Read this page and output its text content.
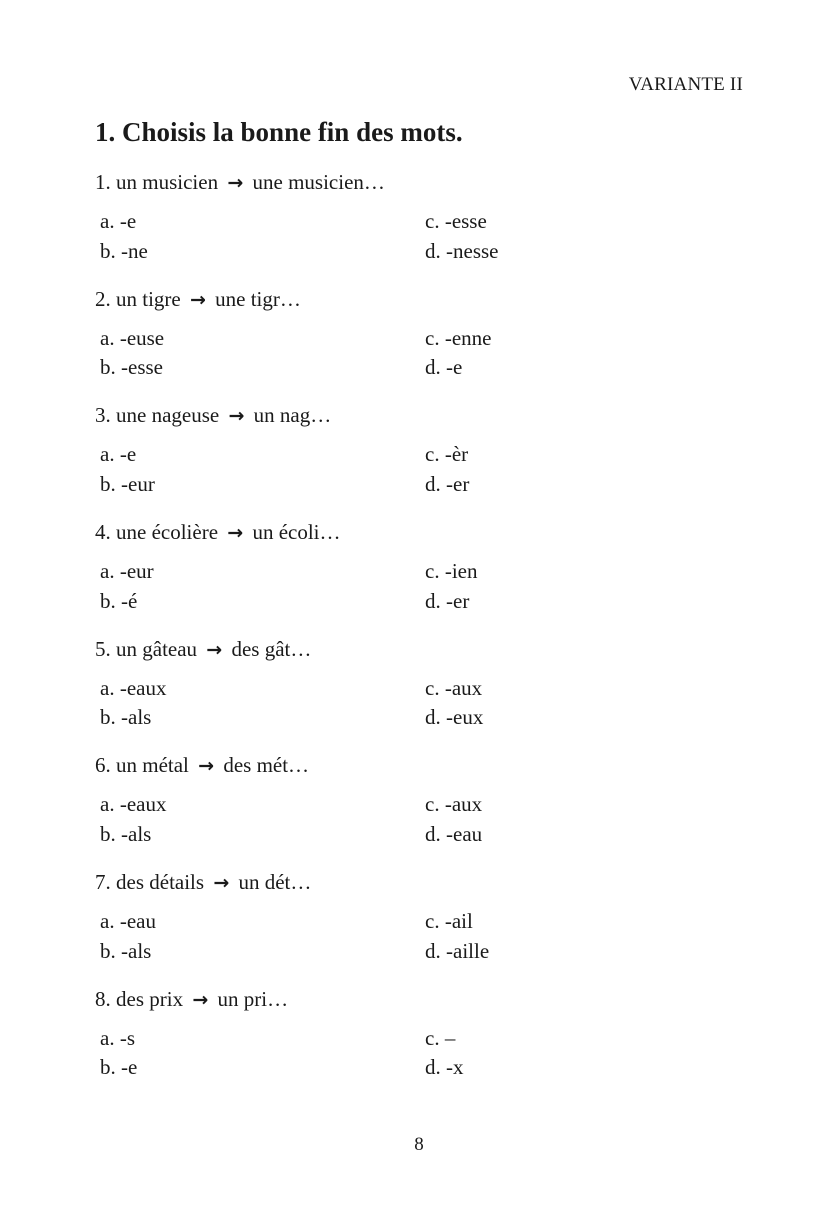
VARIANTE II
1. Choisis la bonne fin des mots.
1. un musicien → une musicien…
a. -e	c. -esse
b. -ne	d. -nesse
2. un tigre → une tigr…
a. -euse	c. -enne
b. -esse	d. -e
3. une nageuse → un nag…
a. -e	c. -èr
b. -eur	d. -er
4. une écolière → un écoli…
a. -eur	c. -ien
b. -é	d. -er
5. un gâteau → des gât…
a. -eaux	c. -aux
b. -als	d. -eux
6. un métal → des mét…
a. -eaux	c. -aux
b. -als	d. -eau
7. des détails → un dét…
a. -eau	c. -ail
b. -als	d. -aille
8. des prix → un pri…
a. -s	c. –
b. -e	d. -x
8
